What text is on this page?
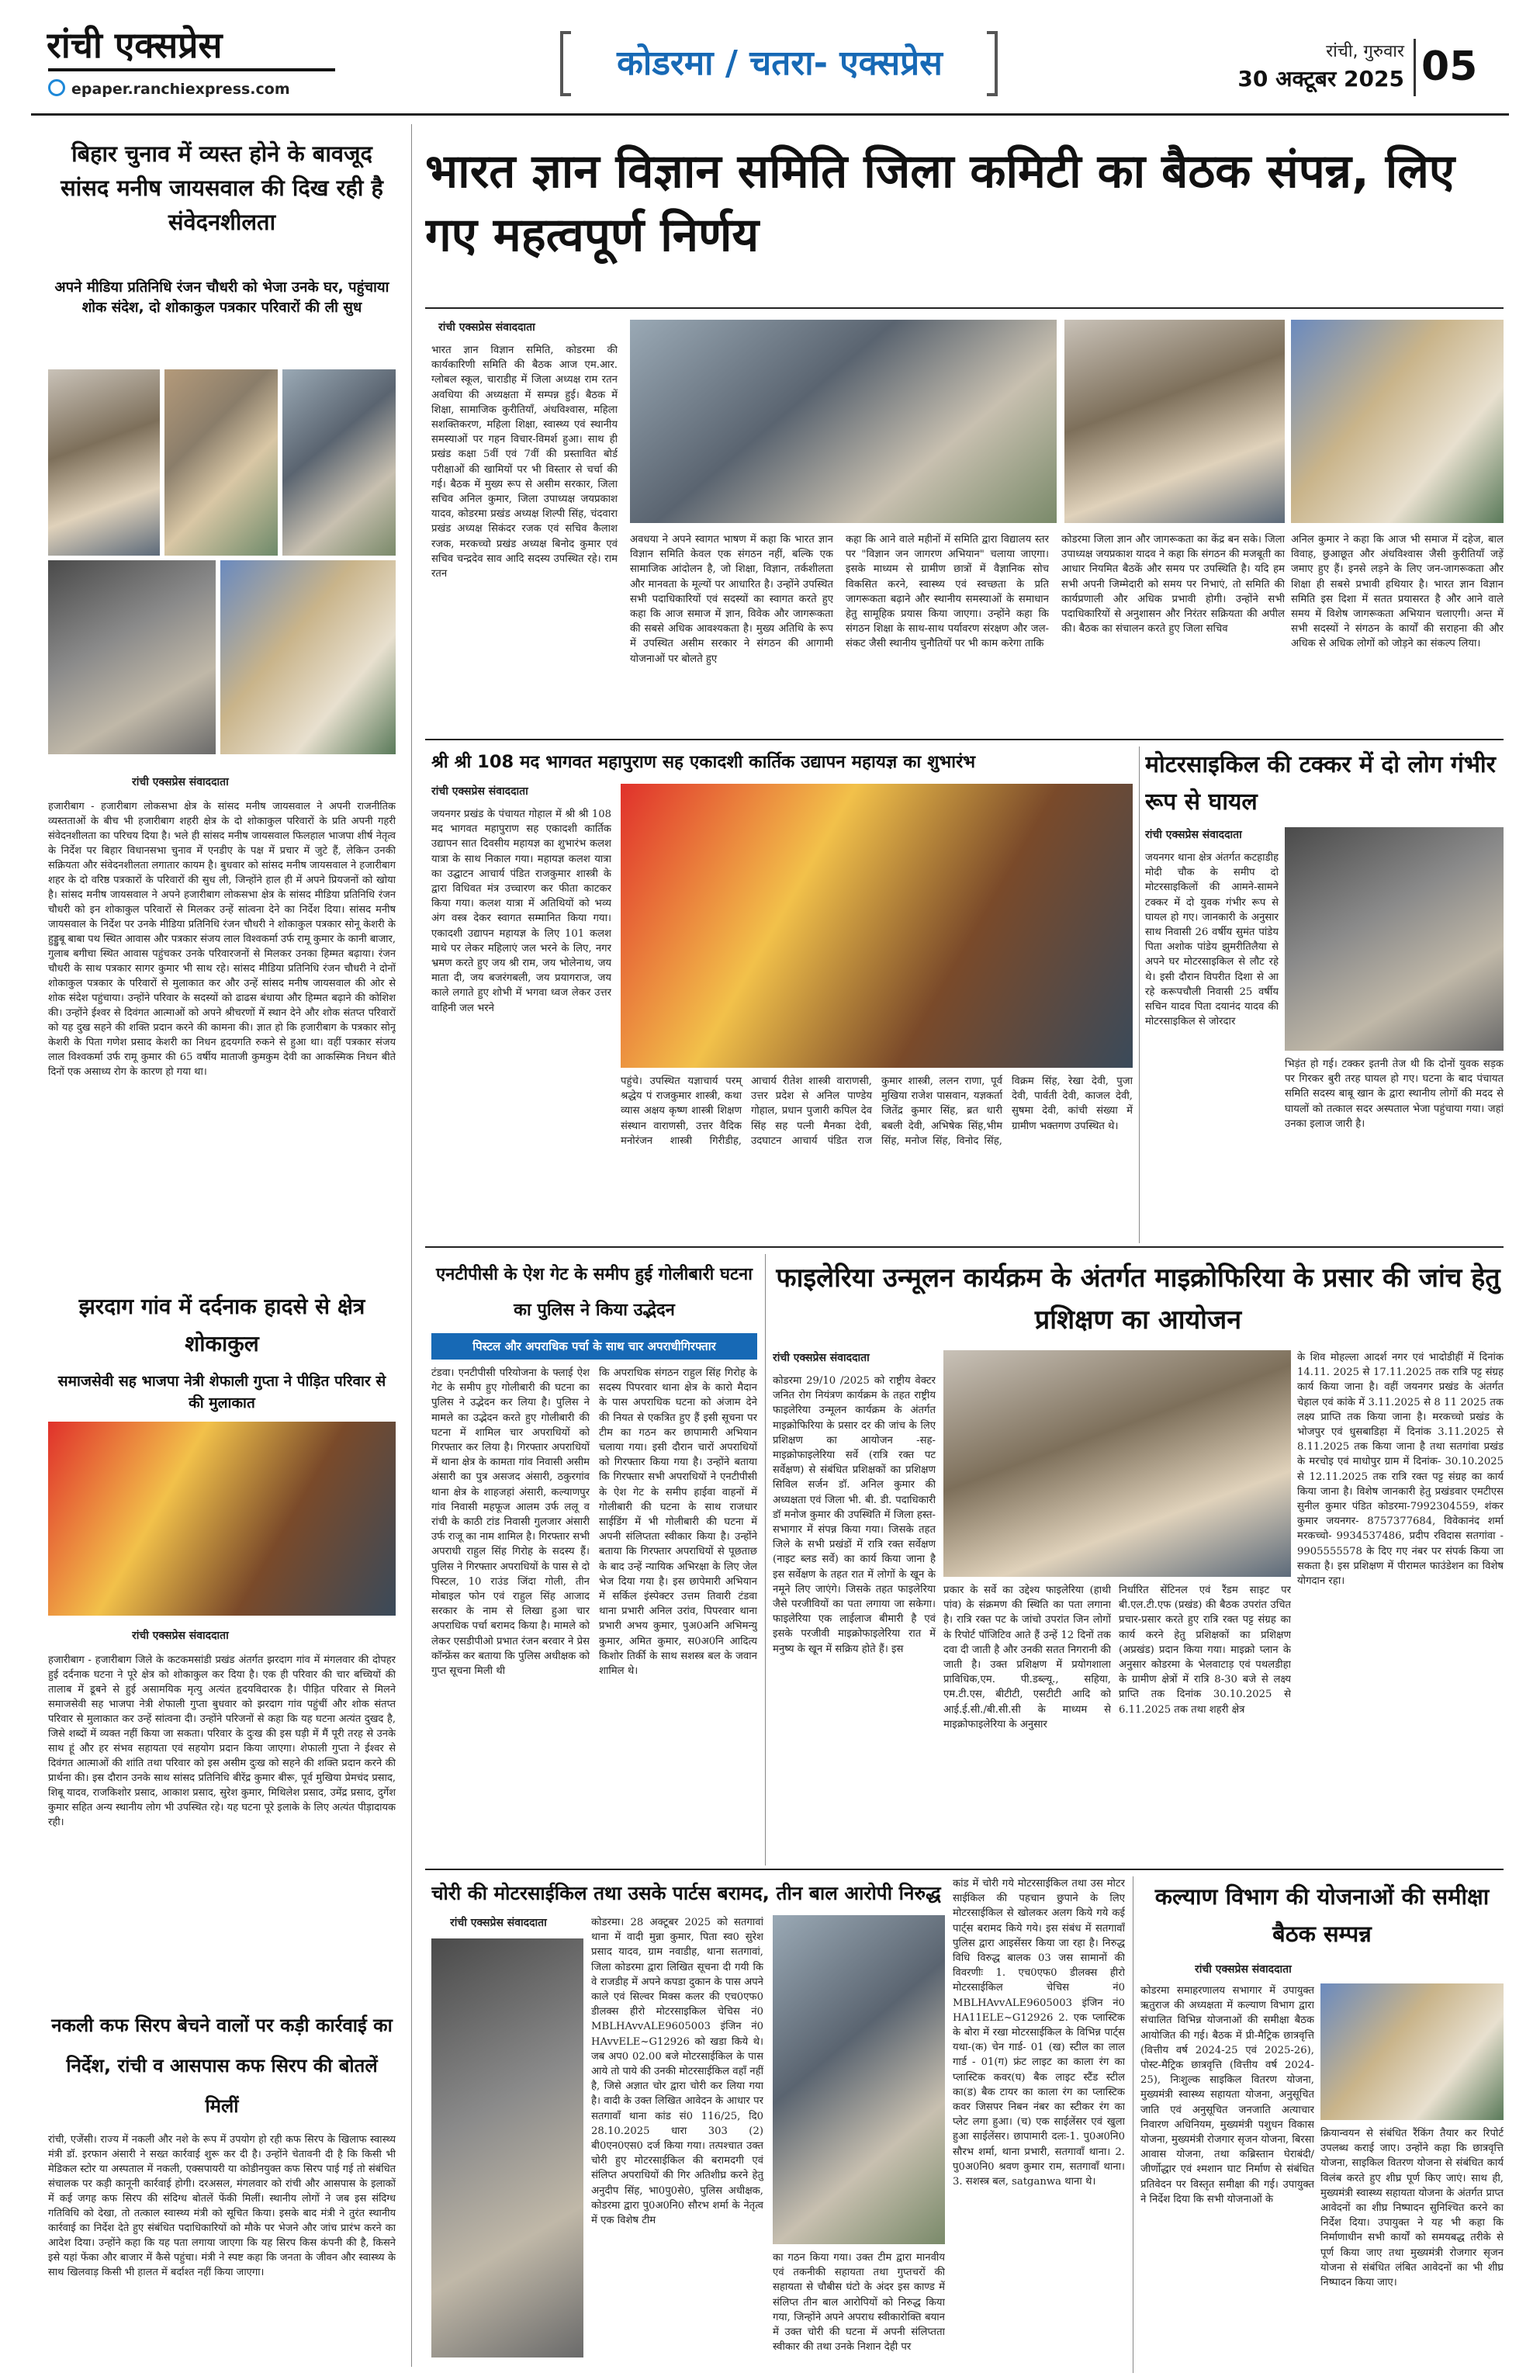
रांची एक्सप्रेस
epaper.ranchiexpress.com
कोडरमा / चतरा- एक्सप्रेस	रांची, गुरुवार
30 अक्टूबर 2025 05
बिहार चुनाव में व्यस्त होने के बावजूद सांसद मनीष जायसवाल की दिख रही है संवेदनशीलता
अपने मीडिया प्रतिनिधि रंजन चौधरी को भेजा उनके घर, पहुंचाया शोक संदेश, दो शोकाकुल पत्रकार परिवारों की ली सुध
रांची एक्सप्रेस संवाददाता
हजारीबाग - हजारीबाग लोकसभा क्षेत्र के सांसद मनीष जायसवाल ने अपनी राजनीतिक व्यस्तताओं के बीच भी हजारीबाग शहरी क्षेत्र के दो शोकाकुल परिवारों के प्रति अपनी गहरी संवेदनशीलता का परिचय दिया है। भले ही सांसद मनीष जायसवाल फिलहाल भाजपा शीर्ष नेतृत्व के निर्देश पर बिहार विधानसभा चुनाव में एनडीए के पक्ष में प्रचार में जुटे हैं, लेकिन उनकी सक्रियता और संवेदनशीलता लगातार कायम है। बुधवार को सांसद मनीष जायसवाल ने हजारीबाग शहर के दो वरिष्ठ पत्रकारों के परिवारों की सुध ली, जिन्होंने हाल ही में अपने प्रियजनों को खोया है। सांसद मनीष जायसवाल ने अपने हजारीबाग लोकसभा क्षेत्र के सांसद मीडिया प्रतिनिधि रंजन चौधरी को इन शोकाकुल परिवारों से मिलकर उन्हें सांत्वना देने का निर्देश दिया। सांसद मनीष जायसवाल के निर्देश पर उनके मीडिया प्रतिनिधि रंजन चौधरी ने शोकाकुल पत्रकार सोनू केशरी के हुड्डुबू बाबा पथ स्थित आवास और पत्रकार संजय लाल विश्वकर्मा उर्फ रामू कुमार के कानी बाजार, गुलाब बगीचा स्थित आवास पहुंचकर उनके परिवारजनों से मिलकर उनका हिम्मत बढ़ाया। रंजन चौधरी के साथ पत्रकार सागर कुमार भी साथ रहे। सांसद मीडिया प्रतिनिधि रंजन चौधरी ने दोनों शोकाकुल पत्रकार के परिवारों से मुलाकात कर और उन्हें सांसद मनीष जायसवाल की ओर से शोक संदेश पहुंचाया। उन्होंने परिवार के सदस्यों को ढाढस बंधाया और हिम्मत बढ़ाने की कोशिश की। उन्होंने ईश्वर से दिवंगत आत्माओं को अपने श्रीचरणों में स्थान देने और शोक संतप्त परिवारों को यह दुख सहने की शक्ति प्रदान करने की कामना की। ज्ञात हो कि हजारीबाग के पत्रकार सोनू केशरी के पिता गणेश प्रसाद केशरी का निधन हृदयगति रुकने से हुआ था। वहीं पत्रकार संजय लाल विश्वकर्मा उर्फ रामू कुमार की 65 वर्षीय माताजी कुमकुम देवी का आकस्मिक निधन बीते दिनों एक असाध्य रोग के कारण हो गया था।
झरदाग गांव में दर्दनाक हादसे से क्षेत्र शोकाकुल
समाजसेवी सह भाजपा नेत्री शेफाली गुप्ता ने पीड़ित परिवार से की मुलाकात
रांची एक्सप्रेस संवाददाता
हजारीबाग - हजारीबाग जिले के कटकमसांडी प्रखंड अंतर्गत झरदाग गांव में मंगलवार की दोपहर हुई दर्दनाक घटना ने पूरे क्षेत्र को शोकाकुल कर दिया है। एक ही परिवार की चार बच्चियों की तालाब में डूबने से हुई असामयिक मृत्यु अत्यंत हृदयविदारक है। पीड़ित परिवार से मिलने समाजसेवी सह भाजपा नेत्री शेफाली गुप्ता बुधवार को झरदाग गांव पहुंचीं और शोक संतप्त परिवार से मुलाकात कर उन्हें सांत्वना दी। उन्होंने परिजनों से कहा कि यह घटना अत्यंत दुखद है, जिसे शब्दों में व्यक्त नहीं किया जा सकता। परिवार के दुःख की इस घड़ी में मैं पूरी तरह से उनके साथ हूं और हर संभव सहायता एवं सहयोग प्रदान किया जाएगा। शेफाली गुप्ता ने ईश्वर से दिवंगत आत्माओं की शांति तथा परिवार को इस असीम दुःख को सहने की शक्ति प्रदान करने की प्रार्थना की। इस दौरान उनके साथ सांसद प्रतिनिधि बीरेंद्र कुमार बीरू, पूर्व मुखिया प्रेमचंद प्रसाद, शिबू यादव, राजकिशोर प्रसाद, आकाश प्रसाद, सुरेश कुमार, मिथिलेश प्रसाद, उमेंद्र प्रसाद, दुर्गेश कुमार सहित अन्य स्थानीय लोग भी उपस्थित रहे। यह घटना पूरे इलाके के लिए अत्यंत पीड़ादायक रही।
नकली कफ सिरप बेचने वालों पर कड़ी कार्रवाई का निर्देश, रांची व आसपास कफ सिरप की बोतलें मिलीं
रांची, एजेंसी। राज्य में नकली और नशे के रूप में उपयोग हो रही कफ सिरप के खिलाफ स्वास्थ्य मंत्री डॉ. इरफान अंसारी ने सख्त कार्रवाई शुरू कर दी है। उन्होंने चेतावनी दी है कि किसी भी मेडिकल स्टोर या अस्पताल में नकली, एक्सपायरी या कोडीनयुक्त कफ सिरप पाई गई तो संबंधित संचालक पर कड़ी कानूनी कार्रवाई होगी। दरअसल, मंगलवार को रांची और आसपास के इलाकों में कई जगह कफ सिरप की संदिग्ध बोतलें फेंकी मिलीं। स्थानीय लोगों ने जब इस संदिग्ध गतिविधि को देखा, तो तत्काल स्वास्थ्य मंत्री को सूचित किया। इसके बाद मंत्री ने तुरंत स्थानीय कार्रवाई का निर्देश देते हुए संबंधित पदाधिकारियों को मौके पर भेजने और जांच प्रारंभ करने का आदेश दिया। उन्होंने कहा कि यह पता लगाया जाएगा कि यह सिरप किस कंपनी की है, किसने इसे यहां फेंका और बाजार में कैसे पहुंचा। मंत्री ने स्पष्ट कहा कि जनता के जीवन और स्वास्थ्य के साथ खिलवाड़ किसी भी हालत में बर्दाश्त नहीं किया जाएगा।
भारत ज्ञान विज्ञान समिति जिला कमिटी का बैठक संपन्न, लिए गए महत्वपूर्ण निर्णय
रांची एक्सप्रेस संवाददाता
भारत ज्ञान विज्ञान समिति, कोडरमा की कार्यकारिणी समिति की बैठक आज एम.आर. ग्लोबल स्कूल, चाराडीह में जिला अध्यक्ष राम रतन अवधिया की अध्यक्षता में सम्पन्न हुई। बैठक में शिक्षा, सामाजिक कुरीतियाँ, अंधविश्वास, महिला सशक्तिकरण, महिला शिक्षा, स्वास्थ्य एवं स्थानीय समस्याओं पर गहन विचार-विमर्श हुआ। साथ ही प्रखंड कक्षा 5वीं एवं 7वीं की प्रस्तावित बोर्ड परीक्षाओं की खामियों पर भी विस्तार से चर्चा की गई। बैठक में मुख्य रूप से असीम सरकार, जिला सचिव अनिल कुमार, जिला उपाध्यक्ष जयप्रकाश यादव, कोडरमा प्रखंड अध्यक्ष शिल्पी सिंह, चंदवारा प्रखंड अध्यक्ष सिकंदर रजक एवं सचिव कैलाश रजक, मरकच्चो प्रखंड अध्यक्ष बिनोद कुमार एवं सचिव चन्द्रदेव साव आदि सदस्य उपस्थित रहे। राम रतन
अवधया ने अपने स्वागत भाषण में कहा कि भारत ज्ञान विज्ञान समिति केवल एक संगठन नहीं, बल्कि एक सामाजिक आंदोलन है, जो शिक्षा, विज्ञान, तर्कशीलता और मानवता के मूल्यों पर आधारित है। उन्होंने उपस्थित सभी पदाधिकारियों एवं सदस्यों का स्वागत करते हुए कहा कि आज समाज में ज्ञान, विवेक और जागरूकता की सबसे अधिक आवश्यकता है। मुख्य अतिथि के रूप में उपस्थित असीम सरकार ने संगठन की आगामी योजनाओं पर बोलते हुए
कहा कि आने वाले महीनों में समिति द्वारा विद्यालय स्तर पर "विज्ञान जन जागरण अभियान" चलाया जाएगा। इसके माध्यम से ग्रामीण छात्रों में वैज्ञानिक सोच विकसित करने, स्वास्थ्य एवं स्वच्छता के प्रति जागरूकता बढ़ाने और स्थानीय समस्याओं के समाधान हेतु सामूहिक प्रयास किया जाएगा। उन्होंने कहा कि संगठन शिक्षा के साथ-साथ पर्यावरण संरक्षण और जल-संकट जैसी स्थानीय चुनौतियों पर भी काम करेगा ताकि
कोडरमा जिला ज्ञान और जागरूकता का केंद्र बन सके। जिला उपाध्यक्ष जयप्रकाश यादव ने कहा कि संगठन की मजबूती का आधार नियमित बैठकें और समय पर उपस्थिति है। यदि हम सभी अपनी जिम्मेदारी को समय पर निभाएं, तो समिति की कार्यप्रणाली और अधिक प्रभावी होगी। उन्होंने सभी पदाधिकारियों से अनुशासन और निरंतर सक्रियता की अपील की। बैठक का संचालन करते हुए जिला सचिव
अनिल कुमार ने कहा कि आज भी समाज में दहेज, बाल विवाह, छुआछूत और अंधविश्वास जैसी कुरीतियाँ जड़ें जमाए हुए हैं। इनसे लड़ने के लिए जन-जागरूकता और शिक्षा ही सबसे प्रभावी हथियार है। भारत ज्ञान विज्ञान समिति इस दिशा में सतत प्रयासरत है और आने वाले समय में विशेष जागरूकता अभियान चलाएगी। अन्त में सभी सदस्यों ने संगठन के कार्यों की सराहना की और अधिक से अधिक लोगों को जोड़ने का संकल्प लिया।
श्री श्री 108 मद भागवत महापुराण सह एकादशी कार्तिक उद्यापन महायज्ञ का शुभारंभ
रांची एक्सप्रेस संवाददाता
जयनगर प्रखंड के पंचायत गोहाल में श्री श्री 108 मद भागवत महापुराण सह एकादशी कार्तिक उद्यापन सात दिवसीय महायज्ञ का शुभारंभ कलश यात्रा के साथ निकाल गया। महायज्ञ कलश यात्रा का उद्घाटन आचार्य पंडित राजकुमार शास्त्री के द्वारा विधिवत मंत्र उच्चारण कर फीता काटकर किया गया। कलश यात्रा में अतिथियों को भव्य अंग वस्त्र देकर स्वागत सम्मानित किया गया। एकादशी उद्यापन महायज्ञ के लिए 101 कलश माथे पर लेकर महिलाएं जल भरने के लिए, नगर भ्रमण करते हुए जय श्री राम, जय भोलेनाथ, जय माता दी, जय बजरंगबली, जय प्रयागराज, जय काले लगाते हुए शोभी में भगवा ध्वज लेकर उत्तर वाहिनी जल भरने
पहुंचे। उपस्थित यज्ञाचार्य परम् श्रद्धेय पं राजकुमार शास्त्री, कथा व्यास अक्षय कृष्ण शास्त्री शिक्षण संस्थान वाराणसी, उत्तर वैदिक मनोरंजन शास्त्री गिरीडीह, आचार्य रीतेश शास्त्री वाराणसी, उत्तर प्रदेश से अनिल पाण्डेय गोहाल, प्रधान पुजारी कपिल देव सिंह सह पत्नी मैनका देवी, उदघाटन आचार्य पंडित राज कुमार शास्त्री, ललन राणा, पूर्व मुखिया राजेश पासवान, यज्ञकर्ता जितेंद्र कुमार सिंह, ब्रत धारी बबली देवी, अभिषेक सिंह,भीम सिंह, मनोज सिंह, विनोद सिंह, विक्रम सिंह, रेखा देवी, पुजा देवी, पार्वती देवी, काजल देवी, सुषमा देवी, कांची संख्या में ग्रामीण भक्तगण उपस्थित थे।
मोटरसाइकिल की टक्कर में दो लोग गंभीर रूप से घायल
रांची एक्सप्रेस संवाददाता
जयनगर थाना क्षेत्र अंतर्गत कटहाडीह मोदी चौक के समीप दो मोटरसाइकिलों की आमने-सामने टक्कर में दो युवक गंभीर रूप से घायल हो गए। जानकारी के अनुसार साथ निवासी 26 वर्षीय सुमंत पांडेय पिता अशोक पांडेय झुमरीतिलैया से अपने घर मोटरसाइकिल से लौट रहे थे। इसी दौरान विपरीत दिशा से आ रहे करूपचौली निवासी 25 वर्षीय सचिन यादव पिता दयानंद यादव की मोटरसाइकिल से जोरदार
भिड़ंत हो गई। टक्कर इतनी तेज थी कि दोनों युवक सड़क पर गिरकर बुरी तरह घायल हो गए। घटना के बाद पंचायत समिति सदस्य बाबू खान के द्वारा स्थानीय लोगों की मदद से घायलों को तत्काल सदर अस्पताल भेजा पहुंचाया गया। जहां उनका इलाज जारी है।
एनटीपीसी के ऐश गेट के समीप हुई गोलीबारी घटना का पुलिस ने किया उद्भेदन
पिस्टल और अपराधिक पर्चा के साथ चार अपराधीगिरफ्तार
टंडवा। एनटीपीसी परियोजना के फ्लाई ऐश गेट के समीप हुए गोलीबारी की घटना का पुलिस ने उद्भेदन कर लिया है। पुलिस ने मामले का उद्भेदन करते हुए गोलीबारी की घटना में शामिल चार अपराधियों को गिरफ्तार कर लिया है। गिरफ्तार अपराधियों में थाना क्षेत्र के कामता गांव निवासी असीम अंसारी का पुत्र असजद अंसारी, ठकुरगांव थाना क्षेत्र के शाहजहां अंसारी, कल्याणपुर गांव निवासी महफूज आलम उर्फ ललू व रांची के काठी टांड निवासी गुलजार अंसारी उर्फ राजू का नाम शामिल है। गिरफ्तार सभी अपराधी राहुल सिंह गिरोह के सदस्य हैं। पुलिस ने गिरफ्तार अपराधियों के पास से दो पिस्टल, 10 राउंड जिंदा गोली, तीन मोबाइल फोन एवं राहुल सिंह आजाद सरकार के नाम से लिखा हुआ चार अपराधिक पर्चा बरामद किया है। मामले को लेकर एसडीपीओ प्रभात रंजन बरवार ने प्रेस कॉन्फ्रेंस कर बताया कि पुलिस अधीक्षक को गुप्त सूचना मिली थी
कि अपराधिक संगठन राहुल सिंह गिरोह के सदस्य पिपरवार थाना क्षेत्र के कारो मैदान के पास अपराधिक घटना को अंजाम देने की नियत से एकत्रित हुए हैं इसी सूचना पर टीम का गठन कर छापामारी अभियान चलाया गया। इसी दौरान चारों अपराधियों को गिरफ्तार किया गया है। उन्होंने बताया कि गिरफ्तार सभी अपराधियों ने एनटीपीसी के ऐश गेट के समीप हाईवा वाहनों में गोलीबारी की घटना के साथ राजधार साईडिंग में भी गोलीबारी की घटना में अपनी संलिप्तता स्वीकार किया है। उन्होंने बताया कि गिरफ्तार अपराधियों से पूछताछ के बाद उन्हें न्यायिक अभिरक्षा के लिए जेल भेज दिया गया है। इस छापेमारी अभियान में सर्किल इंस्पेक्टर उत्तम तिवारी टंडवा थाना प्रभारी अनिल उरांव, पिपरवार थाना प्रभारी अभय कुमार, पुअ0अनि अभिमन्यु कुमार, अमित कुमार, स0अ0नि आदित्य किशोर तिर्की के साथ सशस्त्र बल के जवान शामिल थे।
फाइलेरिया उन्मूलन कार्यक्रम के अंतर्गत माइक्रोफिरिया के प्रसार की जांच हेतु प्रशिक्षण का आयोजन
रांची एक्सप्रेस संवाददाता
कोडरमा 29/10 /2025 को राष्ट्रीय वेक्टर जनित रोग नियंत्रण कार्यक्रम के तहत राष्ट्रीय फाइलेरिया उन्मूलन कार्यक्रम के अंतर्गत माइक्रोफिरिया के प्रसार दर की जांच के लिए प्रशिक्षण का आयोजन -सह- माइक्रोफाइलेरिया सर्वे (रात्रि रक्त पट सर्वेक्षण) से संबंधित प्रशिक्षकों का प्रशिक्षण सिविल सर्जन डॉ. अनिल कुमार की अध्यक्षता एवं जिला भी. बी. डी. पदाधिकारी डॉ मनोज कुमार की उपस्थिति में जिला हस्त-सभागार में संपन्न किया गया। जिसके तहत जिले के सभी प्रखंडों में रात्रि रक्त सर्वेक्षण (नाइट ब्लड सर्वे) का कार्य किया जाना है इस सर्वेक्षण के तहत रात में लोगों के खून के नमूने लिए जाएंगे। जिसके तहत फाइलेरिया जैसे परजीवियों का पता लगाया जा सकेगा। फाइलेरिया एक लाईलाज बीमारी है एवं इसके परजीवी माइक्रोफाइलेरिया रात में मनुष्य के खून में सक्रिय होते हैं। इस
प्रकार के सर्वे का उद्देश्य फाइलेरिया (हाथी पांव) के संक्रमण की स्थिति का पता लगाना है। रात्रि रक्त पट के जांचो उपरांत जिन लोगों के रिपोर्ट पॉजिटिव आते हैं उन्हें 12 दिनों तक दवा दी जाती है और उनकी सतत निगरानी की जाती है। उक्त प्रशिक्षण में प्रयोगशाला प्राविधिक,एम. पी.डब्ल्यू., सहिया, एम.टी.एस, बीटीटी, एसटीटी आदि को आई.ई.सी./बी.सी.सी के माध्यम से माइक्रोफाइलेरिया के अनुसार
निर्धारित सेंटिनल एवं रैंडम साइट पर बी.एल.टी.एफ (प्रखंड) की बैठक उपरांत उचित प्रचार-प्रसार करते हुए रात्रि रक्त पट्ट संग्रह का कार्य करने हेतु प्रशिक्षकों का प्रशिक्षण (अप्रखंड) प्रदान किया गया। माइक्रो प्लान के अनुसार कोडरमा के भेलवाटाड़ एवं पथलडीहा के ग्रामीण क्षेत्रों में रात्रि 8-30 बजे से लक्ष्य प्राप्ति तक दिनांक 30.10.2025 से 6.11.2025 तक तथा शहरी क्षेत्र
के शिव मोहल्ला आदर्श नगर एवं भादोडीहीं में दिनांक 14.11. 2025 से 17.11.2025 तक रात्रि पट्ट संग्रह कार्य किया जाना है। वहीं जयनगर प्रखंड के अंतर्गत चेहाल एवं कांके में 3.11.2025 से 8 11 2025 तक लक्ष्य प्राप्ति तक किया जाना है। मरकच्चो प्रखंड के भोजपुर एवं धुसबाडिहा में दिनांक 3.11.2025 से 8.11.2025 तक किया जाना है तथा सतगांवा प्रखंड के मरचोइ एवं माधोपुर ग्राम में दिनांक- 30.10.2025 से 12.11.2025 तक रात्रि रक्त पट्ट संग्रह का कार्य किया जाना है। विशेष जानकारी हेतु प्रखंडवार एमटीएस सुनील कुमार पंडित कोडरमा-7992304559, शंकर कुमार जयनगर- 8757377684, विवेकानंद शर्मा मरकच्चो- 9934537486, प्रदीप रविदास सतगांवा - 9905555578 के दिए गए नंबर पर संपर्क किया जा सकता है। इस प्रशिक्षण में पीरामल फाउंडेशन का विशेष योगदान रहा।
चोरी की मोटरसाईकिल तथा उसके पार्टस बरामद, तीन बाल आरोपी निरुद्ध
रांची एक्सप्रेस संवाददाता	कोडरमा। 28 अक्टूबर 2025 को सतगावां थाना में वादी मुन्ना कुमार, पिता स्व0 सुरेश प्रसाद यादव, ग्राम नवाडीह, थाना सतगावां, जिला कोडरमा द्वारा लिखित सूचना दी गयी कि वे राजडीह में अपने कपडा दुकान के पास अपने काले एवं सिल्वर मिक्स कलर की एच0एफ0 डीलक्स हीरो मोटरसाइकिल चेचिस नं0 MBLHAvvALE9605003 इंजिन नं0 HAvvELE~G12926 को खडा किये थे। जब अप0 02.00 बजे मोटरसाईकिल के पास आये तो पाये की उनकी मोटरसाईकिल वहाँ नहीं है, जिसे अज्ञात चोर द्वारा चोरी कर लिया गया है। वादी के उक्त लिखित आवेदन के आधार पर सतगावाँ थाना कांड सं0 116/25, दि0 28.10.2025 धारा 303 (2) बी0एन0एस0 दर्ज किया गया। तत्पश्चात उक्त चोरी हुए मोटरसाईकिल की बरामदगी एवं संलिप्त अपराधियों की गिर अतिशीघ्र करने हेतु अनुदीप सिंह, भा0पु0से0, पुलिस अधीक्षक, कोडरमा द्वारा पु0अ0नि0 सौरभ शर्मा के नेतृत्व में एक विशेष टीम
का गठन किया गया। उक्त टीम द्वारा मानवीय एवं तकनीकी सहायता तथा गुप्तचरों की सहायता से चौबीस घंटो के अंदर इस काण्ड में संलिप्त तीन बाल आरोपियों को निरुद्ध किया गया, जिन्होंने अपने अपराध स्वीकारोक्ति बयान में उक्त चोरी की घटना में अपनी संलिप्तता स्वीकार की तथा उनके निशान देही पर
कांड में चोरी गये मोटरसाईकिल तथा उस मोटर साईकिल की पहचान छुपाने के लिए मोटरसाईकिल से खोलकर अलग किये गये कई पार्ट्स बरामद किये गये। इस संबंध में सतगावाँ पुलिस द्वारा आइसेंसर किया जा रहा है। निरुद्ध विधि विरुद्ध बालक 03 जस सामानों की विवरणीः 1. एच0एफ0 डीलक्स हीरो मोटरसाईकिल चेचिस नं0 MBLHAvvALE9605003 इंजिन नं0 HA11ELE~G12926 2. एक प्लास्टिक के बोरा में रखा मोटरसाईकिल के विभिन्न पार्ट्स यथा-(क) चेन गार्ड- 01 (ख) स्टील का लाल गार्ड - 01(ग) फ्रंट लाइट का काला रंग का प्लास्टिक कवर(घ) बैक लाइट स्टैंड स्टील का(ड) बैक टायर का काला रंग का प्लास्टिक कवर जिसपर निबन नंबर का स्टीकर रंग का प्लेट लगा हुआ। (च) एक साईलेंसर एवं खुला हुआ साईलेंसर। छापामारी दलः-1. पु0अ0नि0 सौरभ शर्मा, थाना प्रभारी, सतगावाँ थाना। 2. पु0अ0नि0 श्रवण कुमार राम, सतगावाँ थाना। 3. सशस्त्र बल, satganwa थाना थे।
कल्याण विभाग की योजनाओं की समीक्षा बैठक सम्पन्न
रांची एक्सप्रेस संवाददाता
कोडरमा समाहरणालय सभागार में उपायुक्त ऋतुराज की अध्यक्षता में कल्याण विभाग द्वारा संचालित विभिन्न योजनाओं की समीक्षा बैठक आयोजित की गई। बैठक में प्री-मैट्रिक छात्रवृत्ति (वित्तीय वर्ष 2024-25 एवं 2025-26), पोस्ट-मैट्रिक छात्रवृत्ति (वित्तीय वर्ष 2024-25), निःशुल्क साइकिल वितरण योजना, मुख्यमंत्री स्वास्थ्य सहायता योजना, अनुसूचित जाति एवं अनुसूचित जनजाति अत्याचार निवारण अधिनियम, मुख्यमंत्री पशुधन विकास योजना, मुख्यमंत्री रोजगार सृजन योजना, बिरसा आवास योजना, तथा कब्रिस्तान घेराबंदी/जीर्णोद्धार एवं श्मशान घाट निर्माण से संबंधित प्रतिवेदन पर विस्तृत समीक्षा की गई। उपायुक्त ने निर्देश दिया कि सभी योजनाओं के
क्रियान्वयन से संबंधित रैंकिंग तैयार कर रिपोर्ट उपलब्ध कराई जाए। उन्होंने कहा कि छात्रवृत्ति योजना, साइकिल वितरण योजना से संबंधित कार्य विलंब करते हुए शीघ्र पूर्ण किए जाएं। साथ ही, मुख्यमंत्री स्वास्थ्य सहायता योजना के अंतर्गत प्राप्त आवेदनों का शीघ्र निष्पादन सुनिश्चित करने का निर्देश दिया। उपायुक्त ने यह भी कहा कि निर्माणाधीन सभी कार्यों को समयबद्ध तरीके से पूर्ण किया जाए तथा मुख्यमंत्री रोजगार सृजन योजना से संबंधित लंबित आवेदनों का भी शीघ्र निष्पादन किया जाए।
